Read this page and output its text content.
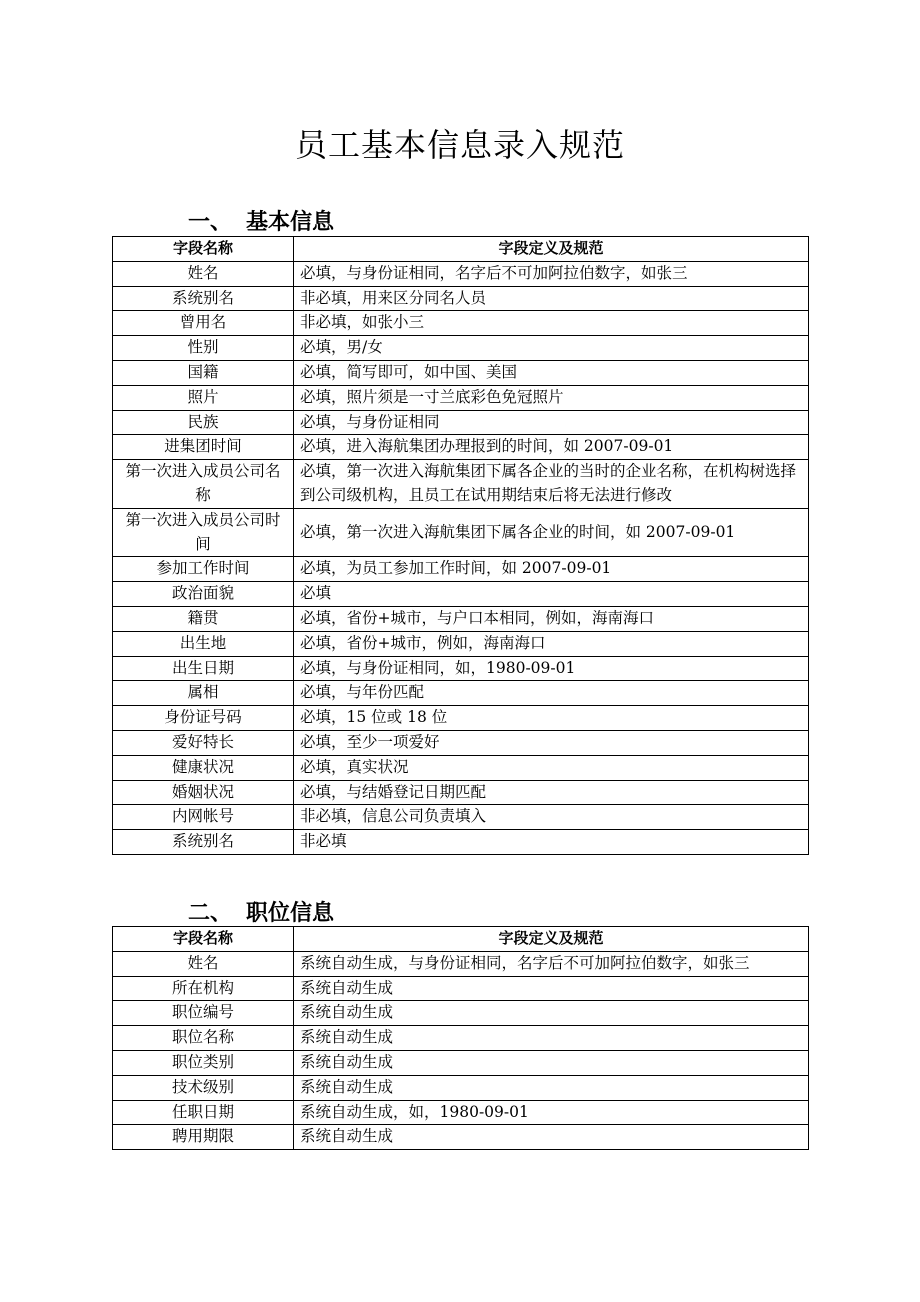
员工基本信息录入规范
一、 基本信息
字段名称	字段定义及规范
姓名	必填，与身份证相同，名字后不可加阿拉伯数字，如张三
系统别名	非必填，用来区分同名人员
曾用名	非必填，如张小三
性别	必填，男/女
国籍	必填，简写即可，如中国、美国
照片	必填，照片须是一寸兰底彩色免冠照片
民族	必填，与身份证相同
进集团时间	必填，进入海航集团办理报到的时间，如 2007-09-01
第一次进入成员公司名称	必填，第一次进入海航集团下属各企业的当时的企业名称，在机构树选择到公司级机构，且员工在试用期结束后将无法进行修改
第一次进入成员公司时间	必填，第一次进入海航集团下属各企业的时间，如 2007-09-01
参加工作时间	必填，为员工参加工作时间，如 2007-09-01
政治面貌	必填
籍贯	必填，省份+城市，与户口本相同，例如，海南海口
出生地	必填，省份+城市，例如，海南海口
出生日期	必填，与身份证相同，如，1980-09-01
属相	必填，与年份匹配
身份证号码	必填，15 位或 18 位
爱好特长	必填，至少一项爱好
健康状况	必填，真实状况
婚姻状况	必填，与结婚登记日期匹配
内网帐号	非必填，信息公司负责填入
系统别名	非必填
二、 职位信息
字段名称	字段定义及规范
姓名	系统自动生成，与身份证相同，名字后不可加阿拉伯数字，如张三
所在机构	系统自动生成
职位编号	系统自动生成
职位名称	系统自动生成
职位类别	系统自动生成
技术级别	系统自动生成
任职日期	系统自动生成，如，1980-09-01
聘用期限	系统自动生成
